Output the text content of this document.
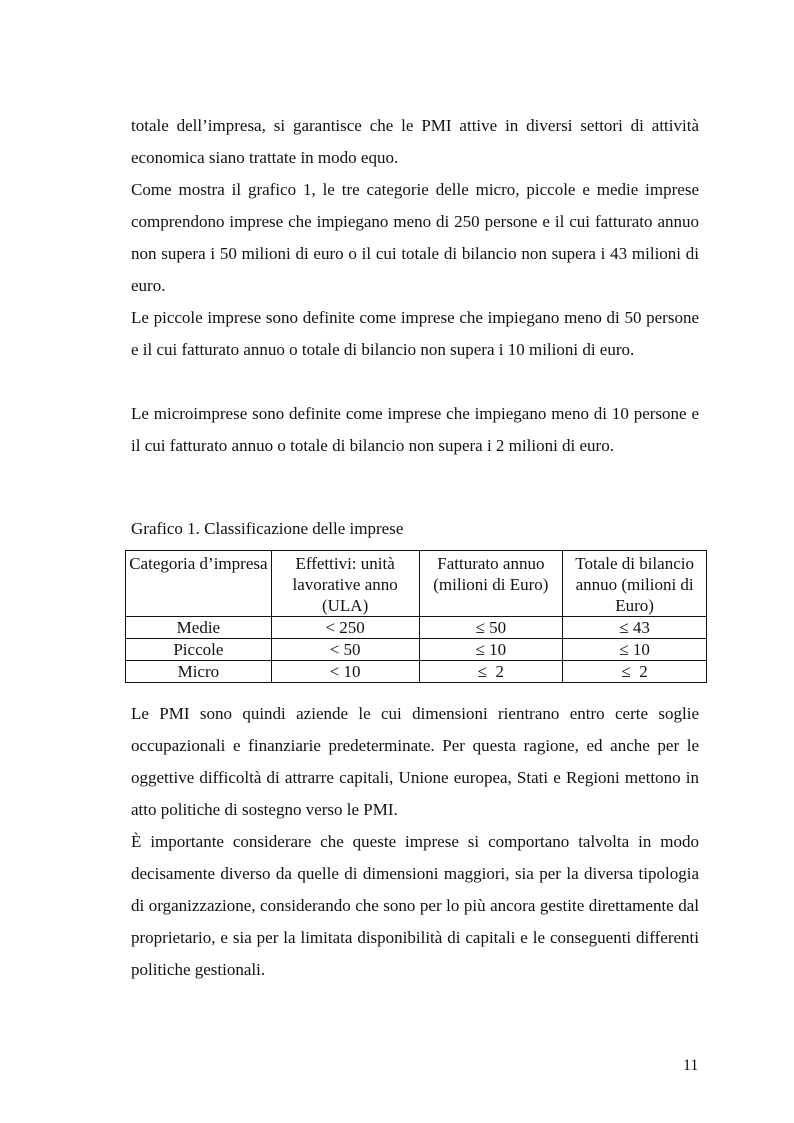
totale dell’impresa, si garantisce che le PMI attive in diversi settori di attività economica siano trattate in modo equo.

Come mostra il grafico 1, le tre categorie delle micro, piccole e medie imprese comprendono imprese che impiegano meno di 250 persone e il cui fatturato annuo non supera i 50 milioni di euro o il cui totale di bilancio non supera i 43 milioni di euro.

Le piccole imprese sono definite come imprese che impiegano meno di 50 persone e il cui fatturato annuo o totale di bilancio non supera i 10 milioni di euro.

Le microimprese sono definite come imprese che impiegano meno di 10 persone e il cui fatturato annuo o totale di bilancio non supera i 2 milioni di euro.

Grafico 1. Classificazione delle imprese

Categoria d’impresa	Effettivi: unità lavorative anno (ULA)	Fatturato annuo (milioni di Euro)	Totale di bilancio annuo (milioni di Euro)
Medie	< 250	≤ 50	≤ 43
Piccole	< 50	≤ 10	≤ 10
Micro	< 10	≤  2	≤  2

Le PMI sono quindi aziende le cui dimensioni rientrano entro certe soglie occupazionali e finanziarie predeterminate. Per questa ragione, ed anche per le oggettive difficoltà di attrarre capitali, Unione europea, Stati e Regioni mettono in atto politiche di sostegno verso le PMI.

È importante considerare che queste imprese si comportano talvolta in modo decisamente diverso da quelle di dimensioni maggiori, sia per la diversa tipologia di organizzazione, considerando che sono per lo più ancora gestite direttamente dal proprietario, e sia per la limitata disponibilità di capitali e le conseguenti differenti politiche gestionali.

11
